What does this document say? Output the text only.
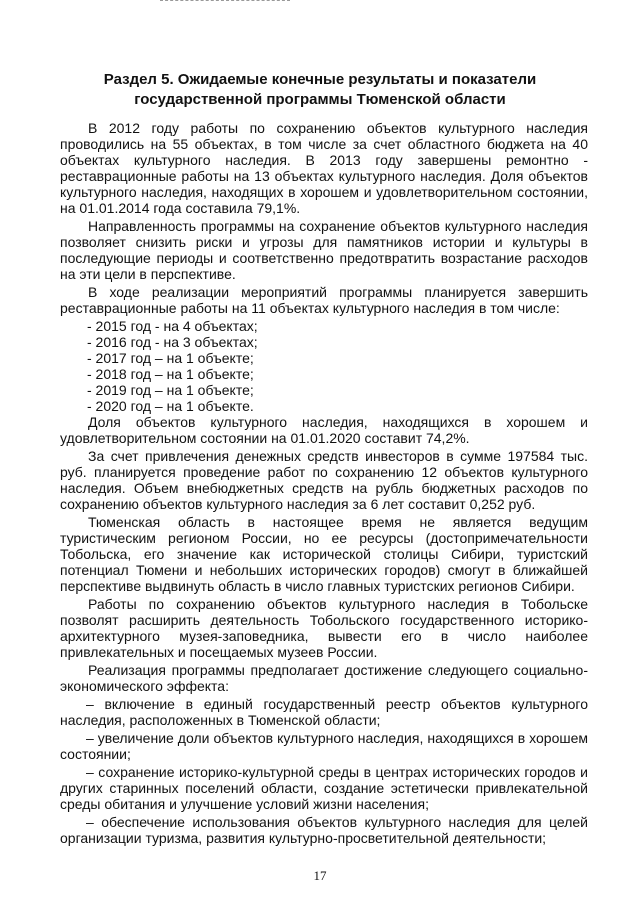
Раздел 5. Ожидаемые конечные результаты и показатели
государственной программы Тюменской области

В 2012 году работы по сохранению объектов культурного наследия проводились на 55 объектах, в том числе за счет областного бюджета на 40 объектах культурного наследия. В 2013 году завершены ремонтно - реставрационные работы на 13 объектах культурного наследия. Доля объектов культурного наследия, находящих в хорошем и удовлетворительном состоянии, на 01.01.2014 года составила 79,1%.

Направленность программы на сохранение объектов культурного наследия позволяет снизить риски и угрозы для памятников истории и культуры в последующие периоды и соответственно предотвратить возрастание расходов на эти цели в перспективе.

В ходе реализации мероприятий программы планируется завершить реставрационные работы на 11 объектах культурного наследия в том числе:

- 2015 год - на 4 объектах;

- 2016 год - на 3 объектах;

- 2017 год – на 1 объекте;

- 2018 год – на 1 объекте;

- 2019 год – на 1 объекте;

- 2020 год – на 1 объекте.

Доля объектов культурного наследия, находящихся в хорошем и удовлетворительном состоянии на 01.01.2020 составит 74,2%.

За счет привлечения денежных средств инвесторов в сумме 197584 тыс. руб. планируется проведение работ по сохранению 12 объектов культурного наследия. Объем внебюджетных средств на рубль бюджетных расходов по сохранению объектов культурного наследия за 6 лет составит 0,252 руб.

Тюменская область в настоящее время не является ведущим туристическим регионом России, но ее ресурсы (достопримечательности Тобольска, его значение как исторической столицы Сибири, туристский потенциал Тюмени и небольших исторических городов) смогут в ближайшей перспективе выдвинуть область в число главных туристских регионов Сибири.

Работы по сохранению объектов культурного наследия в Тобольске позволят расширить деятельность Тобольского государственного историко-архитектурного музея-заповедника, вывести его в число наиболее привлекательных и посещаемых музеев России.

Реализация программы предполагает достижение следующего социально-экономического эффекта:

– включение в единый государственный реестр объектов культурного наследия, расположенных в Тюменской области;

– увеличение доли объектов культурного наследия, находящихся в хорошем состоянии;

– сохранение историко-культурной среды в центрах исторических городов и других старинных поселений области, создание эстетически привлекательной среды обитания и улучшение условий жизни населения;

– обеспечение использования объектов культурного наследия для целей организации туризма, развития культурно-просветительной деятельности;

17
